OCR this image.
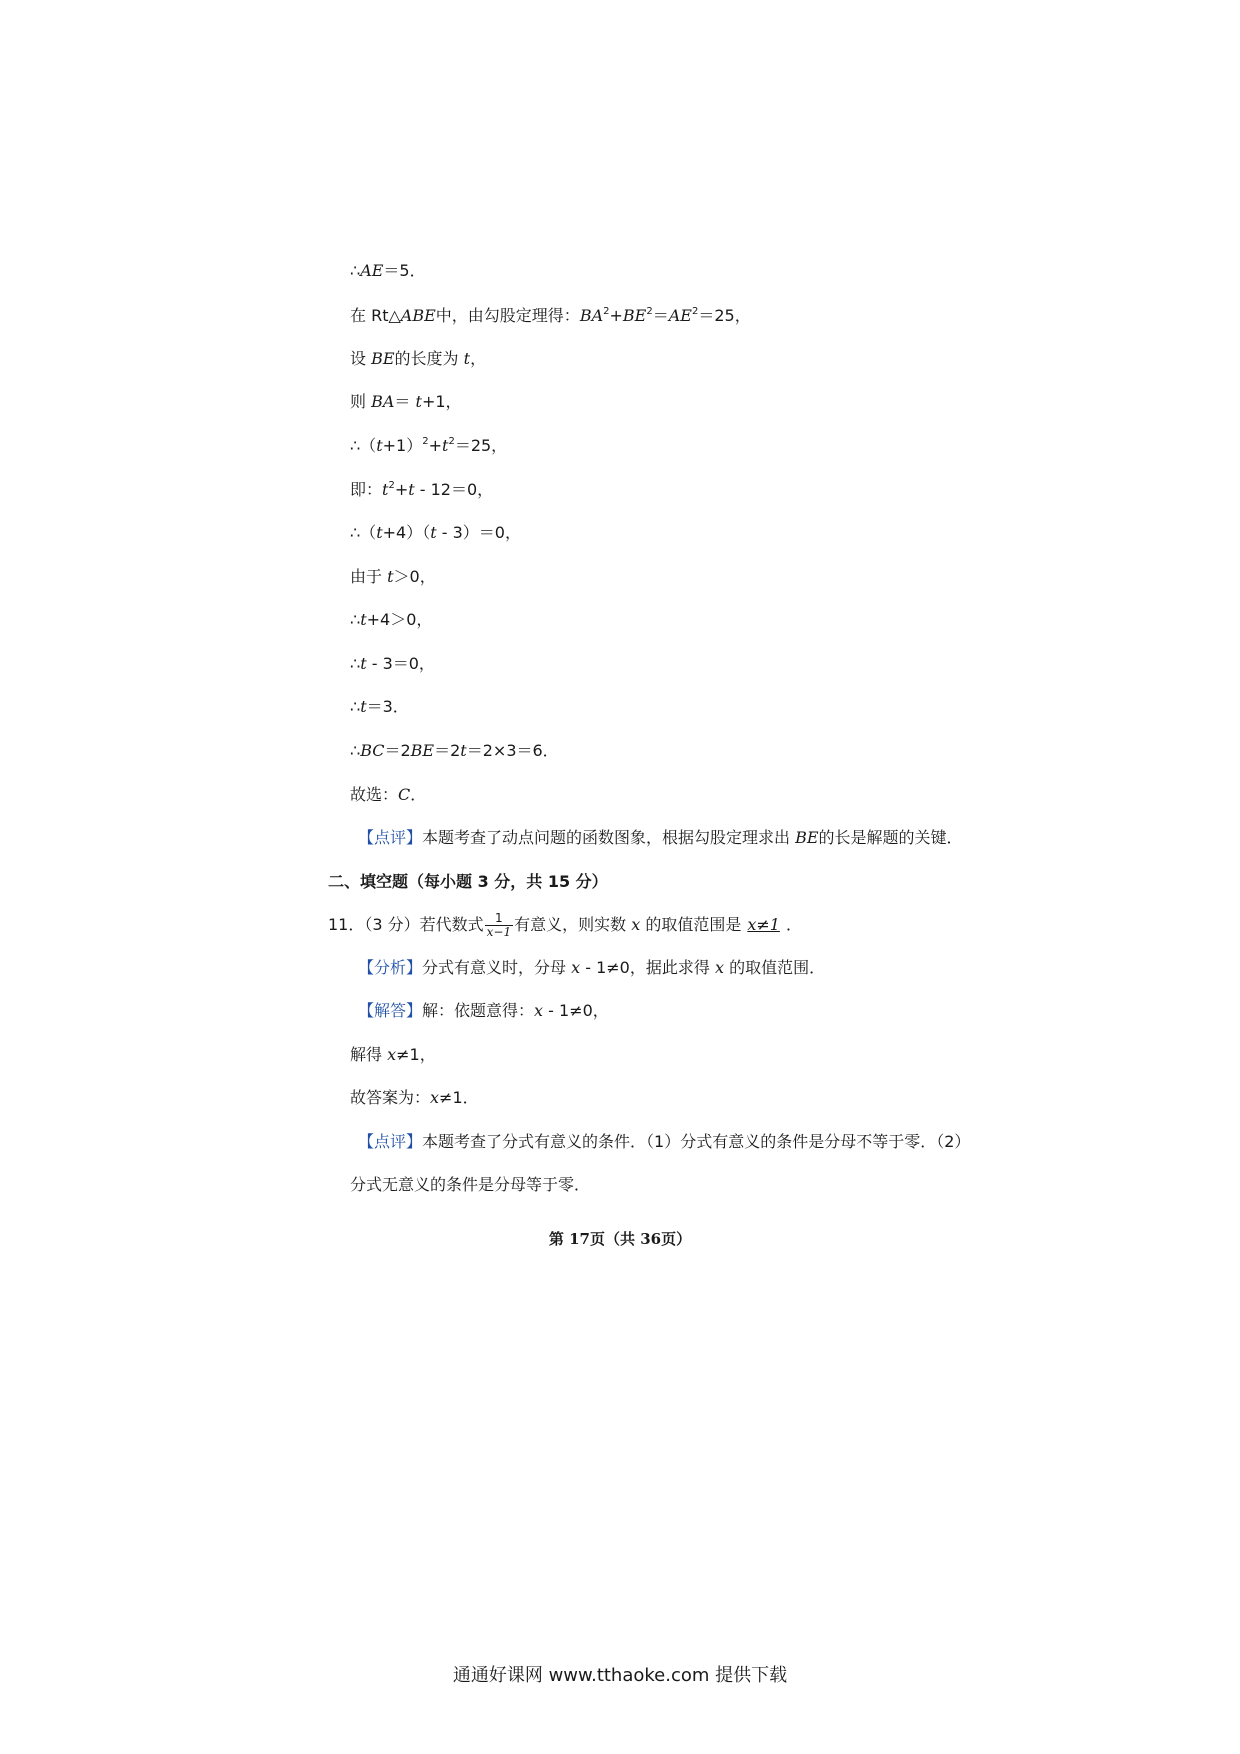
∴AE＝5．
在 Rt△ABE中，由勾股定理得：$BA^2+BE^2=AE^2=25$，
设 BE的长度为 t，
则 BA＝ t+1，
$\therefore(t+1)^2+t^2=25$，
即：$t^2+t - 12=0$，
∴（t+4）（t - 3）＝0，
由于 t＞0，
∴t+4＞0，
∴t - 3＝0，
∴t＝3．
∴BC＝2BE＝2t＝2×3＝6．
故选：C．
【点评】本题考查了动点问题的函数图象，根据勾股定理求出 BE的长是解题的关键．
二、填空题（每小题 3 分，共 15 分）
11．（3 分）若代数式 $\frac{1}{x-1}$ 有意义，则实数 x 的取值范围是 x≠1 ．
【分析】分式有意义时，分母 x - 1≠0，据此求得 x 的取值范围．
【解答】解：依题意得：x - 1≠0，
解得 x≠1，
故答案为：x≠1．
【点评】本题考查了分式有意义的条件．（1）分式有意义的条件是分母不等于零．（2）
分式无意义的条件是分母等于零．
第 17页（共 36页）
通通好课网 www.tthaoke.com 提供下载
